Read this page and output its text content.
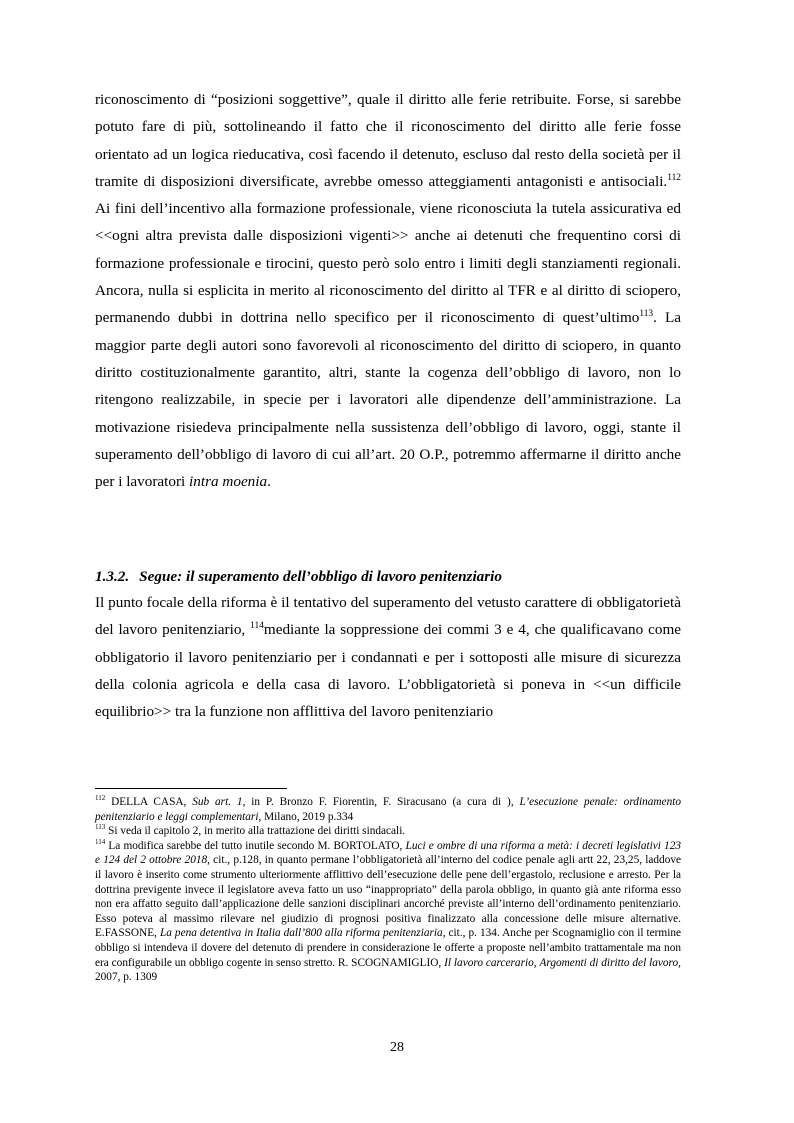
riconoscimento di “posizioni soggettive”, quale il diritto alle ferie retribuite. Forse, si sarebbe potuto fare di più, sottolineando il fatto che il riconoscimento del diritto alle ferie fosse orientato ad un logica rieducativa, così facendo il detenuto, escluso dal resto della società per il tramite di disposizioni diversificate, avrebbe omesso atteggiamenti antagonisti e antisociali.$^{112}$ Ai fini dell’incentivo alla formazione professionale, viene riconosciuta la tutela assicurativa ed <<ogni altra prevista dalle disposizioni vigenti>> anche ai detenuti che frequentino corsi di formazione professionale e tirocini, questo però solo entro i limiti degli stanziamenti regionali. Ancora, nulla si esplicita in merito al riconoscimento del diritto al TFR e al diritto di sciopero, permanendo dubbi in dottrina nello specifico per il riconoscimento di quest’ultimo$^{113}$. La maggior parte degli autori sono favorevoli al riconoscimento del diritto di sciopero, in quanto diritto costituzionalmente garantito, altri, stante la cogenza dell’obbligo di lavoro, non lo ritengono realizzabile, in specie per i lavoratori alle dipendenze dell’amministrazione. La motivazione risiedeva principalmente nella sussistenza dell’obbligo di lavoro, oggi, stante il superamento dell’obbligo di lavoro di cui all’art. 20 O.P., potremmo affermarne il diritto anche per i lavoratori intra moenia.

1.3.2. Segue: il superamento dell’obbligo di lavoro penitenziario

Il punto focale della riforma è il tentativo del superamento del vetusto carattere di obbligatorietà del lavoro penitenziario, $^{114}$mediante la soppressione dei commi 3 e 4, che qualificavano come obbligatorio il lavoro penitenziario per i condannati e per i sottoposti alle misure di sicurezza della colonia agricola e della casa di lavoro. L’obbligatorietà si poneva in <<un difficile equilibrio>> tra la funzione non afflittiva del lavoro penitenziario

$^{112}$ DELLA CASA, Sub art. 1, in P. Bronzo F. Fiorentin, F. Siracusano (a cura di ), L’esecuzione penale: ordinamento penitenziario e leggi complementari, Milano, 2019 p.334

$^{113}$ Si veda il capitolo 2, in merito alla trattazione dei diritti sindacali.

$^{114}$ La modifica sarebbe del tutto inutile secondo M. BORTOLATO, Luci e ombre di una riforma a metà: i decreti legislativi 123 e 124 del 2 ottobre 2018, cit., p.128, in quanto permane l’obbligatorietà all’interno del codice penale agli artt 22, 23,25, laddove il lavoro è inserito come strumento ulteriormente afflittivo dell’esecuzione delle pene dell’ergastolo, reclusione e arresto. Per la dottrina previgente invece il legislatore aveva fatto un uso “inappropriato” della parola obbligo, in quanto già ante riforma esso non era affatto seguito dall’applicazione delle sanzioni disciplinari ancorché previste all’interno dell’ordinamento penitenziario. Esso poteva al massimo rilevare nel giudizio di prognosi positiva finalizzato alla concessione delle misure alternative. E.FASSONE, La pena detentiva in Italia dall’800 alla riforma penitenziaria, cit., p. 134. Anche per Scognamiglio con il termine obbligo si intendeva il dovere del detenuto di prendere in considerazione le offerte a proposte nell’ambito trattamentale ma non era configurabile un obbligo cogente in senso stretto. R. SCOGNAMIGLIO, Il lavoro carcerario, Argomenti di diritto del lavoro, 2007, p. 1309

28
